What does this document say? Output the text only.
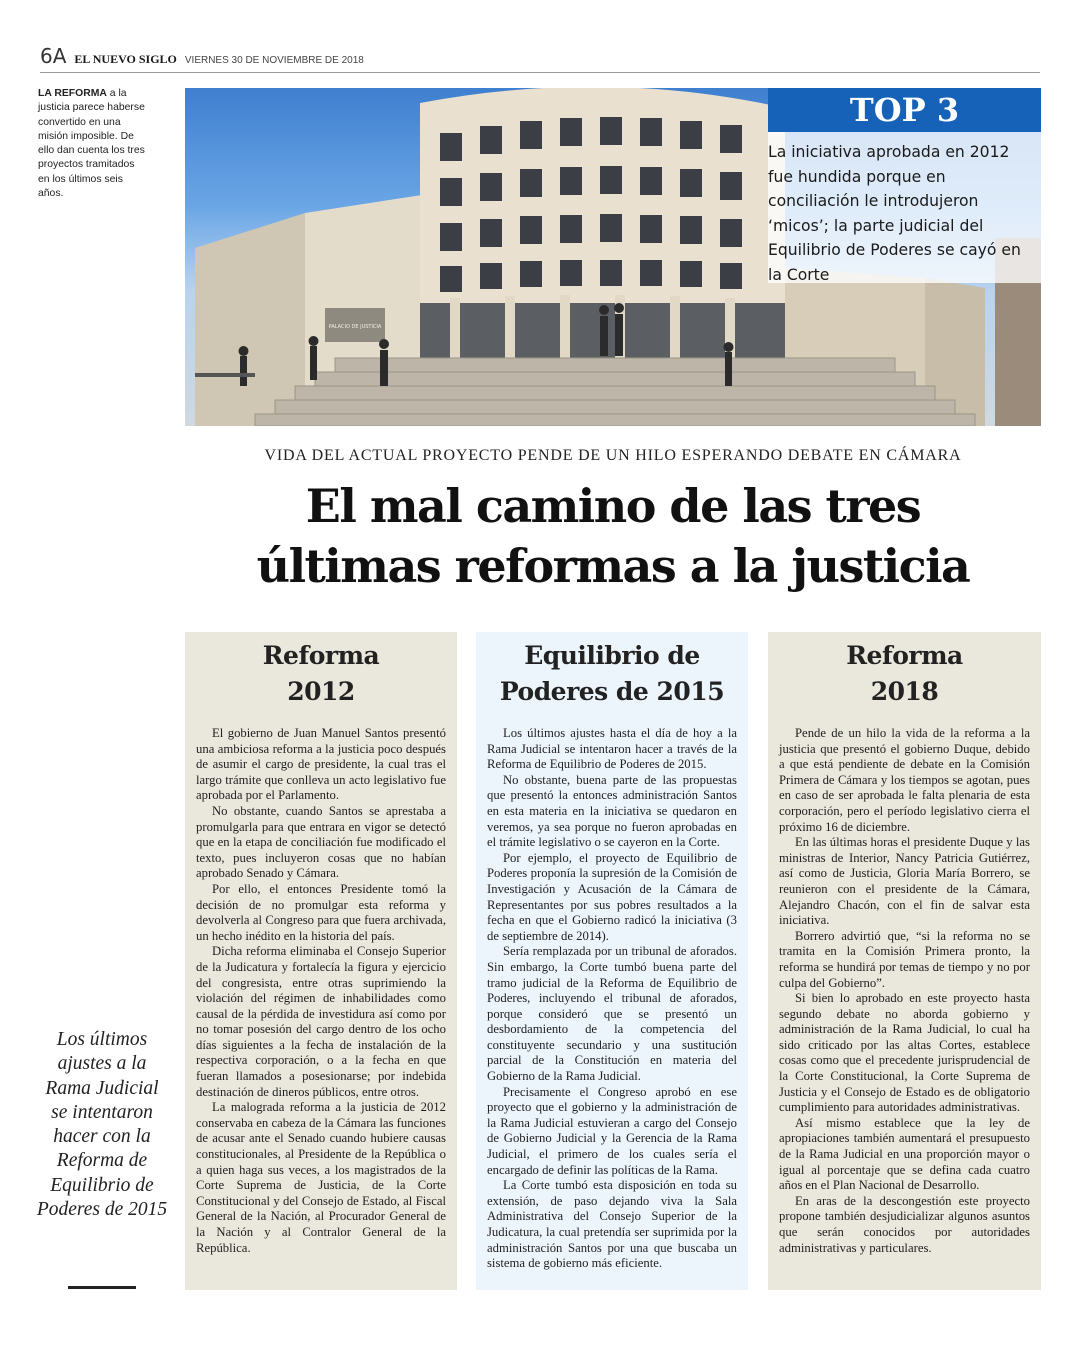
6A EL NUEVO SIGLO VIERNES 30 DE NOVIEMBRE DE 2018
LA REFORMA a la justicia parece haberse convertido en una misión imposible. De ello dan cuenta los tres proyectos tramitados en los últimos seis años.
PALACIO DE JUSTICIA
TOP 3
La iniciativa aprobada en 2012 fue hundida porque en conciliación le introdujeron ‘micos’; la parte judicial del Equilibrio de Poderes se cayó en la Corte
VIDA DEL ACTUAL PROYECTO PENDE DE UN HILO ESPERANDO DEBATE EN CÁMARA
El mal camino de las tres
últimas reformas a la justicia
Reforma
2012

El gobierno de Juan Manuel Santos presentó una ambiciosa reforma a la justicia poco después de asumir el cargo de presidente, la cual tras el largo trámite que conlleva un acto legislativo fue aprobada por el Parlamento.

No obstante, cuando Santos se aprestaba a promulgarla para que entrara en vigor se detectó que en la etapa de conciliación fue modificado el texto, pues incluyeron cosas que no habían aprobado Senado y Cámara.

Por ello, el entonces Presidente tomó la decisión de no promulgar esta reforma y devolverla al Congreso para que fuera archivada, un hecho inédito en la historia del país.

Dicha reforma eliminaba el Consejo Superior de la Judicatura y fortalecía la figura y ejercicio del congresista, entre otras suprimiendo la violación del régimen de inhabilidades como causal de la pérdida de investidura así como por no tomar posesión del cargo dentro de los ocho días siguientes a la fecha de instalación de la respectiva corporación, o a la fecha en que fueran llamados a posesionarse; por indebida destinación de dineros públicos, entre otros.

La malograda reforma a la justicia de 2012 conservaba en cabeza de la Cámara las funciones de acusar ante el Senado cuando hubiere causas constitucionales, al Presidente de la República o a quien haga sus veces, a los magistrados de la Corte Suprema de Justicia, de la Corte Constitucional y del Consejo de Estado, al Fiscal General de la Nación, al Procurador General de la Nación y al Contralor General de la República.

Equilibrio de
Poderes de 2015

Los últimos ajustes hasta el día de hoy a la Rama Judicial se intentaron hacer a través de la Reforma de Equilibrio de Poderes de 2015.

No obstante, buena parte de las propuestas que presentó la entonces administración Santos en esta materia en la iniciativa se quedaron en veremos, ya sea porque no fueron aprobadas en el trámite legislativo o se cayeron en la Corte.

Por ejemplo, el proyecto de Equilibrio de Poderes proponía la supresión de la Comisión de Investigación y Acusación de la Cámara de Representantes por sus pobres resultados a la fecha en que el Gobierno radicó la iniciativa (3 de septiembre de 2014).

Sería remplazada por un tribunal de aforados. Sin embargo, la Corte tumbó buena parte del tramo judicial de la Reforma de Equilibrio de Poderes, incluyendo el tribunal de aforados, porque consideró que se presentó un desbordamiento de la competencia del constituyente secundario y una sustitución parcial de la Constitución en materia del Gobierno de la Rama Judicial.

Precisamente el Congreso aprobó en ese proyecto que el gobierno y la administración de la Rama Judicial estuvieran a cargo del Consejo de Gobierno Judicial y la Gerencia de la Rama Judicial, el primero de los cuales sería el encargado de definir las políticas de la Rama.

La Corte tumbó esta disposición en toda su extensión, de paso dejando viva la Sala Administrativa del Consejo Superior de la Judicatura, la cual pretendía ser suprimida por la administración Santos por una que buscaba un sistema de gobierno más eficiente.

Reforma
2018

Pende de un hilo la vida de la reforma a la justicia que presentó el gobierno Duque, debido a que está pendiente de debate en la Comisión Primera de Cámara y los tiempos se agotan, pues en caso de ser aprobada le falta plenaria de esta corporación, pero el período legislativo cierra el próximo 16 de diciembre.

En las últimas horas el presidente Duque y las ministras de Interior, Nancy Patricia Gutiérrez, así como de Justicia, Gloria María Borrero, se reunieron con el presidente de la Cámara, Alejandro Chacón, con el fin de salvar esta iniciativa.

Borrero advirtió que, “si la reforma no se tramita en la Comisión Primera pronto, la reforma se hundirá por temas de tiempo y no por culpa del Gobierno”.

Si bien lo aprobado en este proyecto hasta segundo debate no aborda gobierno y administración de la Rama Judicial, lo cual ha sido criticado por las altas Cortes, establece cosas como que el precedente jurisprudencial de la Corte Constitucional, la Corte Suprema de Justicia y el Consejo de Estado es de obligatorio cumplimiento para autoridades administrativas.

Así mismo establece que la ley de apropiaciones también aumentará el presupuesto de la Rama Judicial en una proporción mayor o igual al porcentaje que se defina cada cuatro años en el Plan Nacional de Desarrollo.

En aras de la descongestión este proyecto propone también desjudicializar algunos asuntos que serán conocidos por autoridades administrativas y particulares.

Los últimos ajustes a la Rama Judicial se intentaron hacer con la Reforma de Equilibrio de Poderes de 2015
